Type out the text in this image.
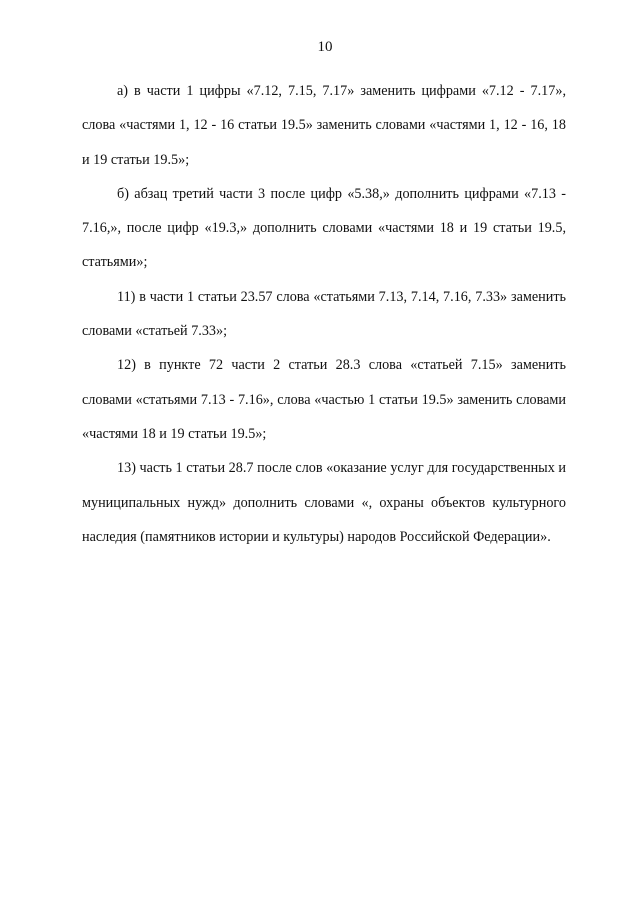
10

а) в части 1 цифры «7.12, 7.15, 7.17» заменить цифрами «7.12 - 7.17», слова «частями 1, 12 - 16 статьи 19.5» заменить словами «частями 1, 12 - 16, 18 и 19 статьи 19.5»;

б) абзац третий части 3 после цифр «5.38,» дополнить цифрами «7.13 - 7.16,», после цифр «19.3,» дополнить словами «частями 18 и 19 статьи 19.5, статьями»;

11) в части 1 статьи 23.57 слова «статьями 7.13, 7.14, 7.16, 7.33» заменить словами «статьей 7.33»;

12) в пункте 72 части 2 статьи 28.3 слова «статьей 7.15» заменить словами «статьями 7.13 - 7.16», слова «частью 1 статьи 19.5» заменить словами «частями 18 и 19 статьи 19.5»;

13) часть 1 статьи 28.7 после слов «оказание услуг для государственных и муниципальных нужд» дополнить словами «, охраны объектов культурного наследия (памятников истории и культуры) народов Российской Федерации».
